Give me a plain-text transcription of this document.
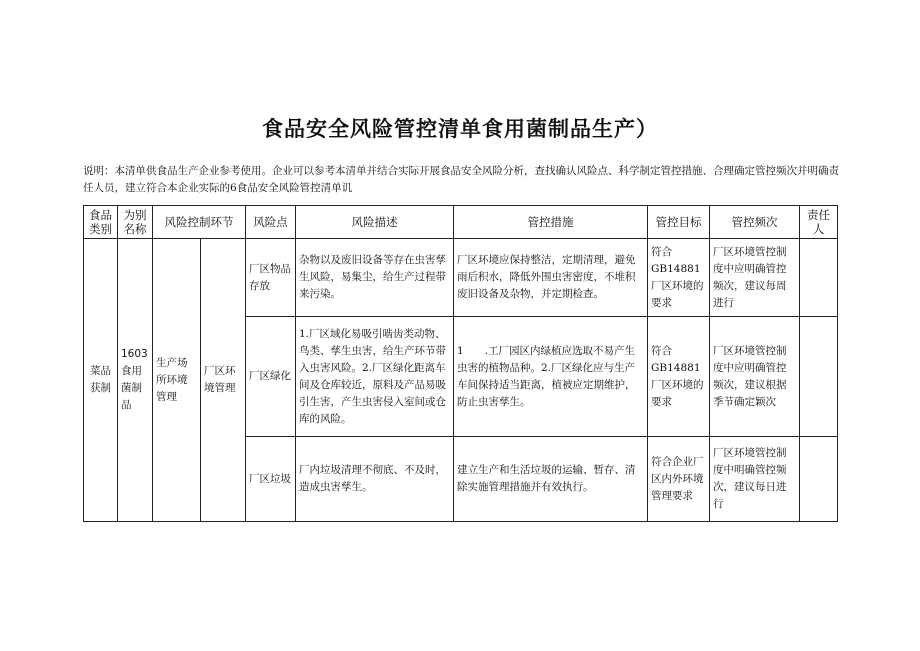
食品安全风险管控清单食用菌制品生产）
说明：本清单供食品生产企业参考使用。企业可以参考本清单并结合实际开展食品安全风险分析，查找确认风险点、科学制定管控措施、合理确定管控频次并明确责任人员，建立符合本企业实际的6食品安全风险管控清单讥
食品类别	为别名称	风险控制环节		风险点	风险描述	管控措施	管控目标	管控频次	责任人
菜品获制	1603食用菌制品	生产场所环境管理	厂区环境管理	厂区物品存放	杂物以及废旧设备等存在虫害孳生风险，易集尘，给生产过程带来污染。	厂区环境应保持整洁，定期清理，避免雨后积水，降低外围虫害密度，不堆积废旧设备及杂物，并定期检查。	符合GB14881厂区环境的要求	厂区环境管控制度中应明确管控频次，建议每周进行	
				厂区绿化	1.厂区域化易吸引啮齿类动物、鸟类、孳生虫害，给生产环节带入虫害风险。2.厂区绿化距离车间及仓库较近，原料及产品易吸引生害，产生虫害侵入室间或仓库的风险。	1　　.工厂园区内绿植应选取不易产生虫害的植物品种。2.厂区绿化应与生产车间保持适当距离，植被应定期维护，防止虫害孳生。	符合GB14881厂区环境的要求	厂区环境管控制度中应明确管控频次，建议根据季节确定颖次	
				厂区垃圾	厂内垃圾清理不彻底、不及时，造成虫害孳生。	建立生产和生活垃圾的运输、暂存、清除实施管理措施并有效执行。	符合企业厂区内外环境管理要求	厂区环境管控制度中明确管控频次，建议每日进行	
